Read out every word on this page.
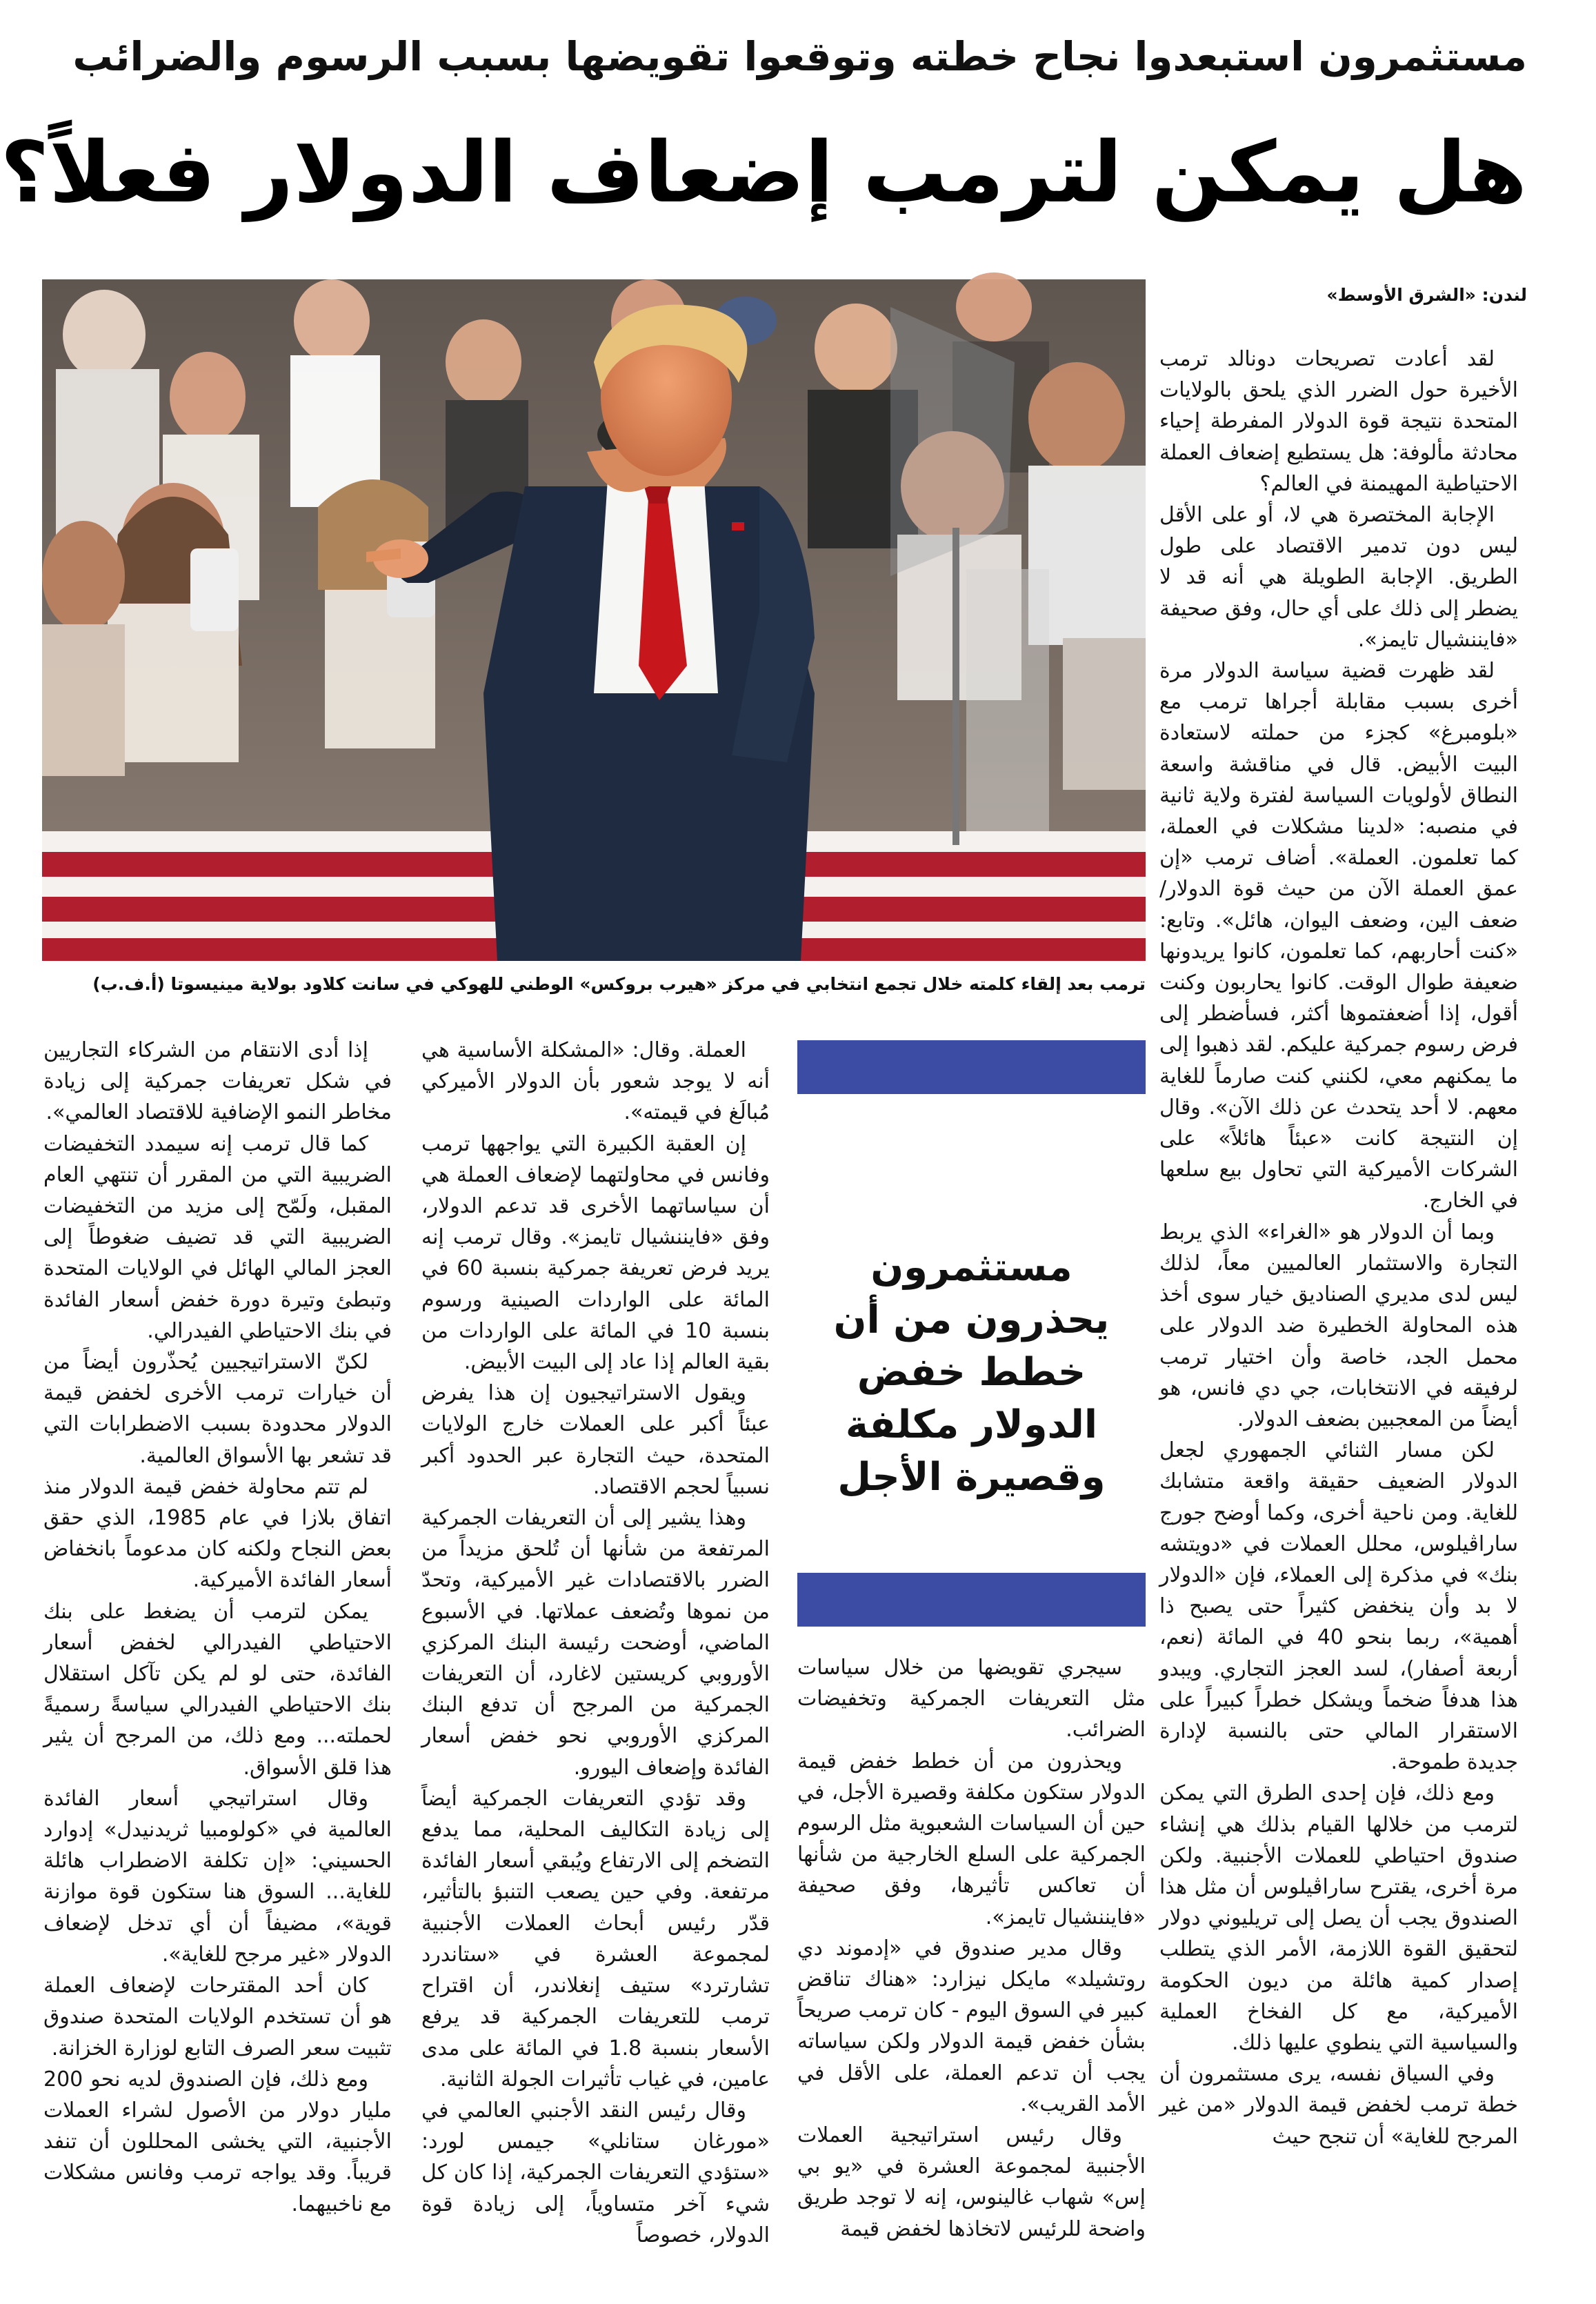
مستثمرون استبعدوا نجاح خطته وتوقعوا تقويضها بسبب الرسوم والضرائب
هل يمكن لترمب إضعاف الدولار فعلاً؟
لندن: «الشرق الأوسط»
ترمب بعد إلقاء كلمته خلال تجمع انتخابي في مركز «هيرب بروكس» الوطني للهوكي في سانت كلاود بولاية مينيسوتا (أ.ف.ب)

لقد أعادت تصريحات دونالد ترمب الأخيرة حول الضرر الذي يلحق بالولايات المتحدة نتيجة قوة الدولار المفرطة إحياء محادثة مألوفة: هل يستطيع إضعاف العملة الاحتياطية المهيمنة في العالم؟

الإجابة المختصرة هي لا، أو على الأقل ليس دون تدمير الاقتصاد على طول الطريق. الإجابة الطويلة هي أنه قد لا يضطر إلى ذلك على أي حال، وفق صحيفة «فايننشيال تايمز».

لقد ظهرت قضية سياسة الدولار مرة أخرى بسبب مقابلة أجراها ترمب مع «بلومبرغ» كجزء من حملته لاستعادة البيت الأبيض. قال في مناقشة واسعة النطاق لأولويات السياسة لفترة ولاية ثانية في منصبه: «لدينا مشكلات في العملة، كما تعلمون. العملة». أضاف ترمب «إن عمق العملة الآن من حيث قوة الدولار/ ضعف الين، وضعف اليوان، هائل». وتابع: «كنت أحاربهم، كما تعلمون، كانوا يريدونها ضعيفة طوال الوقت. كانوا يحاربون وكنت أقول، إذا أضعفتموها أكثر، فسأضطر إلى فرض رسوم جمركية عليكم. لقد ذهبوا إلى ما يمكنهم معي، لكنني كنت صارماً للغاية معهم. لا أحد يتحدث عن ذلك الآن». وقال إن النتيجة كانت «عبئاً هائلاً» على الشركات الأميركية التي تحاول بيع سلعها في الخارج.

وبما أن الدولار هو «الغراء» الذي يربط التجارة والاستثمار العالميين معاً، لذلك ليس لدى مديري الصناديق خيار سوى أخذ هذه المحاولة الخطيرة ضد الدولار على محمل الجد، خاصة وأن اختيار ترمب لرفيقه في الانتخابات، جي دي فانس، هو أيضاً من المعجبين بضعف الدولار.

لكن مسار الثنائي الجمهوري لجعل الدولار الضعيف حقيقة واقعة متشابك للغاية. ومن ناحية أخرى، وكما أوضح جورج ساراڤيلوس، محلل العملات في «دويتشه بنك» في مذكرة إلى العملاء، فإن «الدولار لا بد وأن ينخفض كثيراً حتى يصبح ذا أهمية»، ربما بنحو 40 في المائة (نعم، أربعة أصفار)، لسد العجز التجاري. ويبدو هذا هدفاً ضخماً ويشكل خطراً كبيراً على الاستقرار المالي حتى بالنسبة لإدارة جديدة طموحة.

ومع ذلك، فإن إحدى الطرق التي يمكن لترمب من خلالها القيام بذلك هي إنشاء صندوق احتياطي للعملات الأجنبية. ولكن مرة أخرى، يقترح ساراڤيلوس أن مثل هذا الصندوق يجب أن يصل إلى تريليوني دولار لتحقيق القوة اللازمة، الأمر الذي يتطلب إصدار كمية هائلة من ديون الحكومة الأميركية، مع كل الفخاخ العملية والسياسية التي ينطوي عليها ذلك.

وفي السياق نفسه، يرى مستثمرون أن خطة ترمب لخفض قيمة الدولار «من غير المرجح للغاية» أن تنجح حيث

مستثمرون يحذرون من أن خطط خفض الدولار مكلفة وقصيرة الأجل

سيجري تقويضها من خلال سياسات مثل التعريفات الجمركية وتخفيضات الضرائب.

ويحذرون من أن خطط خفض قيمة الدولار ستكون مكلفة وقصيرة الأجل، في حين أن السياسات الشعبوية مثل الرسوم الجمركية على السلع الخارجية من شأنها أن تعاكس تأثيرها، وفق صحيفة «فايننشيال تايمز».

وقال مدير صندوق في «إدموند دي روتشيلد» مايكل نيزارد: «هناك تناقض كبير في السوق اليوم - كان ترمب صريحاً بشأن خفض قيمة الدولار ولكن سياساته يجب أن تدعم العملة، على الأقل في الأمد القريب».

وقال رئيس استراتيجية العملات الأجنبية لمجموعة العشرة في «يو بي إس» شهاب غالينوس، إنه لا توجد طريق واضحة للرئيس لاتخاذها لخفض قيمة

العملة. وقال: «المشكلة الأساسية هي أنه لا يوجد شعور بأن الدولار الأميركي مُبالَغ في قيمته».

إن العقبة الكبيرة التي يواجهها ترمب وفانس في محاولتهما لإضعاف العملة هي أن سياساتهما الأخرى قد تدعم الدولار، وفق «فايننشيال تايمز». وقال ترمب إنه يريد فرض تعريفة جمركية بنسبة 60 في المائة على الواردات الصينية ورسوم بنسبة 10 في المائة على الواردات من بقية العالم إذا عاد إلى البيت الأبيض.

ويقول الاستراتيجيون إن هذا يفرض عبئاً أكبر على العملات خارج الولايات المتحدة، حيث التجارة عبر الحدود أكبر نسبياً لحجم الاقتصاد.

وهذا يشير إلى أن التعريفات الجمركية المرتفعة من شأنها أن تُلحق مزيداً من الضرر بالاقتصادات غير الأميركية، وتحدّ من نموها وتُضعف عملاتها. في الأسبوع الماضي، أوضحت رئيسة البنك المركزي الأوروبي كريستين لاغارد، أن التعريفات الجمركية من المرجح أن تدفع البنك المركزي الأوروبي نحو خفض أسعار الفائدة وإضعاف اليورو.

وقد تؤدي التعريفات الجمركية أيضاً إلى زيادة التكاليف المحلية، مما يدفع التضخم إلى الارتفاع ويُبقي أسعار الفائدة مرتفعة. وفي حين يصعب التنبؤ بالتأثير، قدّر رئيس أبحاث العملات الأجنبية لمجموعة العشرة في «ستاندرد تشارترد» ستيف إنغلاندر، أن اقتراح ترمب للتعريفات الجمركية قد يرفع الأسعار بنسبة 1.8 في المائة على مدى عامين، في غياب تأثيرات الجولة الثانية.

وقال رئيس النقد الأجنبي العالمي في «مورغان ستانلي» جيمس لورد: «ستؤدي التعريفات الجمركية، إذا كان كل شيء آخر متساوياً، إلى زيادة قوة الدولار، خصوصاً

إذا أدى الانتقام من الشركاء التجاريين في شكل تعريفات جمركية إلى زيادة مخاطر النمو الإضافية للاقتصاد العالمي».

كما قال ترمب إنه سيمدد التخفيضات الضريبية التي من المقرر أن تنتهي العام المقبل، ولَمّح إلى مزيد من التخفيضات الضريبية التي قد تضيف ضغوطاً إلى العجز المالي الهائل في الولايات المتحدة وتبطئ وتيرة دورة خفض أسعار الفائدة في بنك الاحتياطي الفيدرالي.

لكنّ الاستراتيجيين يُحذّرون أيضاً من أن خيارات ترمب الأخرى لخفض قيمة الدولار محدودة بسبب الاضطرابات التي قد تشعر بها الأسواق العالمية.

لم تتم محاولة خفض قيمة الدولار منذ اتفاق بلازا في عام 1985، الذي حقق بعض النجاح ولكنه كان مدعوماً بانخفاض أسعار الفائدة الأميركية.

يمكن لترمب أن يضغط على بنك الاحتياطي الفيدرالي لخفض أسعار الفائدة، حتى لو لم يكن تآكل استقلال بنك الاحتياطي الفيدرالي سياسةً رسميةً لحملته... ومع ذلك، من المرجح أن يثير هذا قلق الأسواق.

وقال استراتيجي أسعار الفائدة العالمية في «كولومبيا ثريدنيدل» إدوارد الحسيني: «إن تكلفة الاضطراب هائلة للغاية... السوق هنا ستكون قوة موازنة قوية»، مضيفاً أن أي تدخل لإضعاف الدولار «غير مرجح للغاية».

كان أحد المقترحات لإضعاف العملة هو أن تستخدم الولايات المتحدة صندوق تثبيت سعر الصرف التابع لوزارة الخزانة.

ومع ذلك، فإن الصندوق لديه نحو 200 مليار دولار من الأصول لشراء العملات الأجنبية، التي يخشى المحللون أن تنفد قريباً. وقد يواجه ترمب وفانس مشكلات مع ناخبيهما.
